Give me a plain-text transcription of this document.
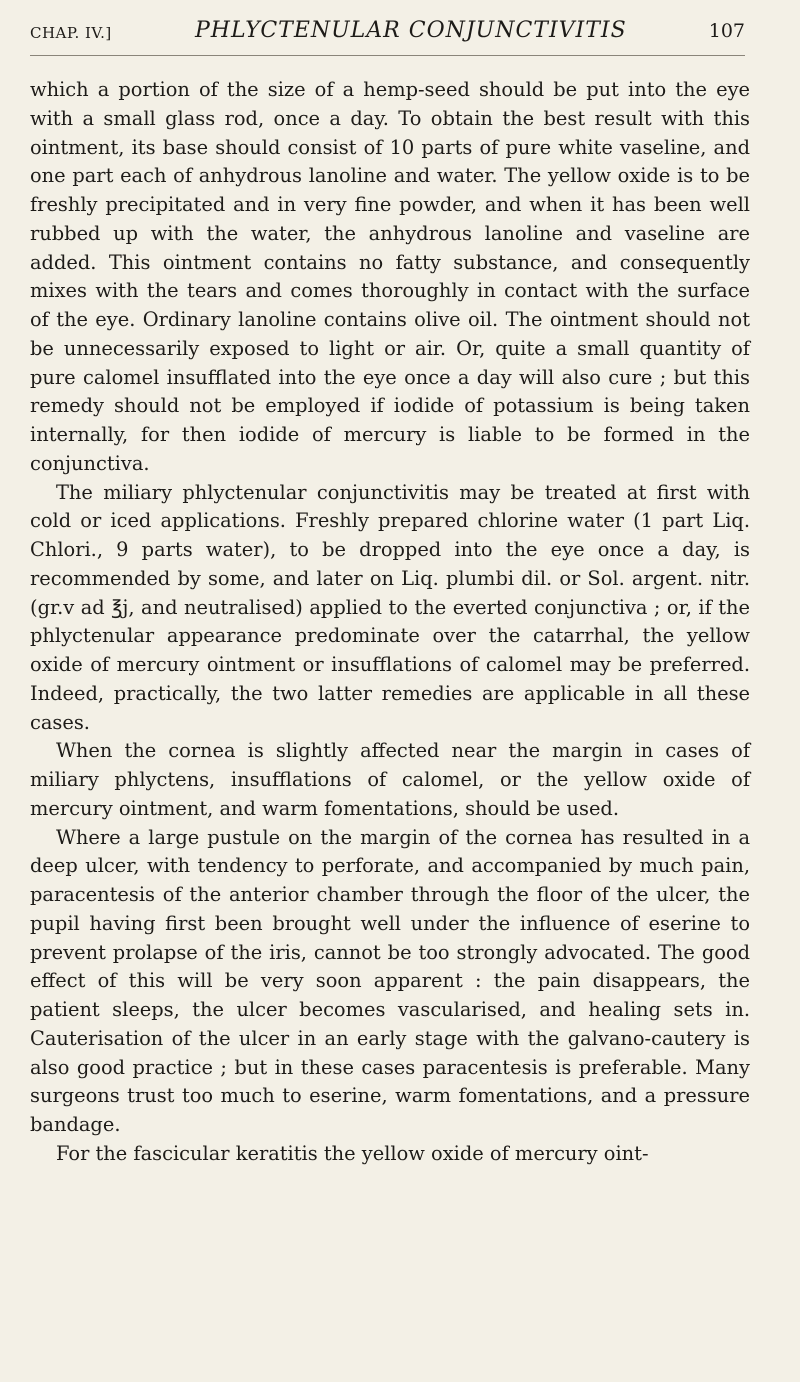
CHAP. IV.]	PHLYCTENULAR CONJUNCTIVITIS	107

which a portion of the size of a hemp-seed should be put into the eye with a small glass rod, once a day. To obtain the best result with this ointment, its base should consist of 10 parts of pure white vaseline, and one part each of anhydrous lanoline and water. The yellow oxide is to be freshly precipitated and in very fine powder, and when it has been well rubbed up with the water, the anhydrous lanoline and vaseline are added. This ointment contains no fatty substance, and consequently mixes with the tears and comes thoroughly in contact with the surface of the eye. Ordinary lanoline contains olive oil. The ointment should not be unnecessarily exposed to light or air. Or, quite a small quantity of pure calomel insufflated into the eye once a day will also cure ; but this remedy should not be employed if iodide of potassium is being taken internally, for then iodide of mercury is liable to be formed in the conjunctiva.

The miliary phlyctenular conjunctivitis may be treated at first with cold or iced applications. Freshly prepared chlorine water (1 part Liq. Chlori., 9 parts water), to be dropped into the eye once a day, is recommended by some, and later on Liq. plumbi dil. or Sol. argent. nitr. (gr.v ad ℥j, and neutralised) applied to the everted conjunctiva ; or, if the phlyctenular appearance predominate over the catarrhal, the yellow oxide of mercury ointment or insufflations of calomel may be preferred. Indeed, practically, the two latter remedies are applicable in all these cases.

When the cornea is slightly affected near the margin in cases of miliary phlyctens, insufflations of calomel, or the yellow oxide of mercury ointment, and warm fomentations, should be used.

Where a large pustule on the margin of the cornea has resulted in a deep ulcer, with tendency to perforate, and accompanied by much pain, paracentesis of the anterior chamber through the floor of the ulcer, the pupil having first been brought well under the influence of eserine to prevent prolapse of the iris, cannot be too strongly advocated. The good effect of this will be very soon apparent : the pain disappears, the patient sleeps, the ulcer becomes vascularised, and healing sets in. Cauterisation of the ulcer in an early stage with the galvano-cautery is also good practice ; but in these cases paracentesis is preferable. Many surgeons trust too much to eserine, warm fomentations, and a pressure bandage.

For the fascicular keratitis the yellow oxide of mercury oint-
